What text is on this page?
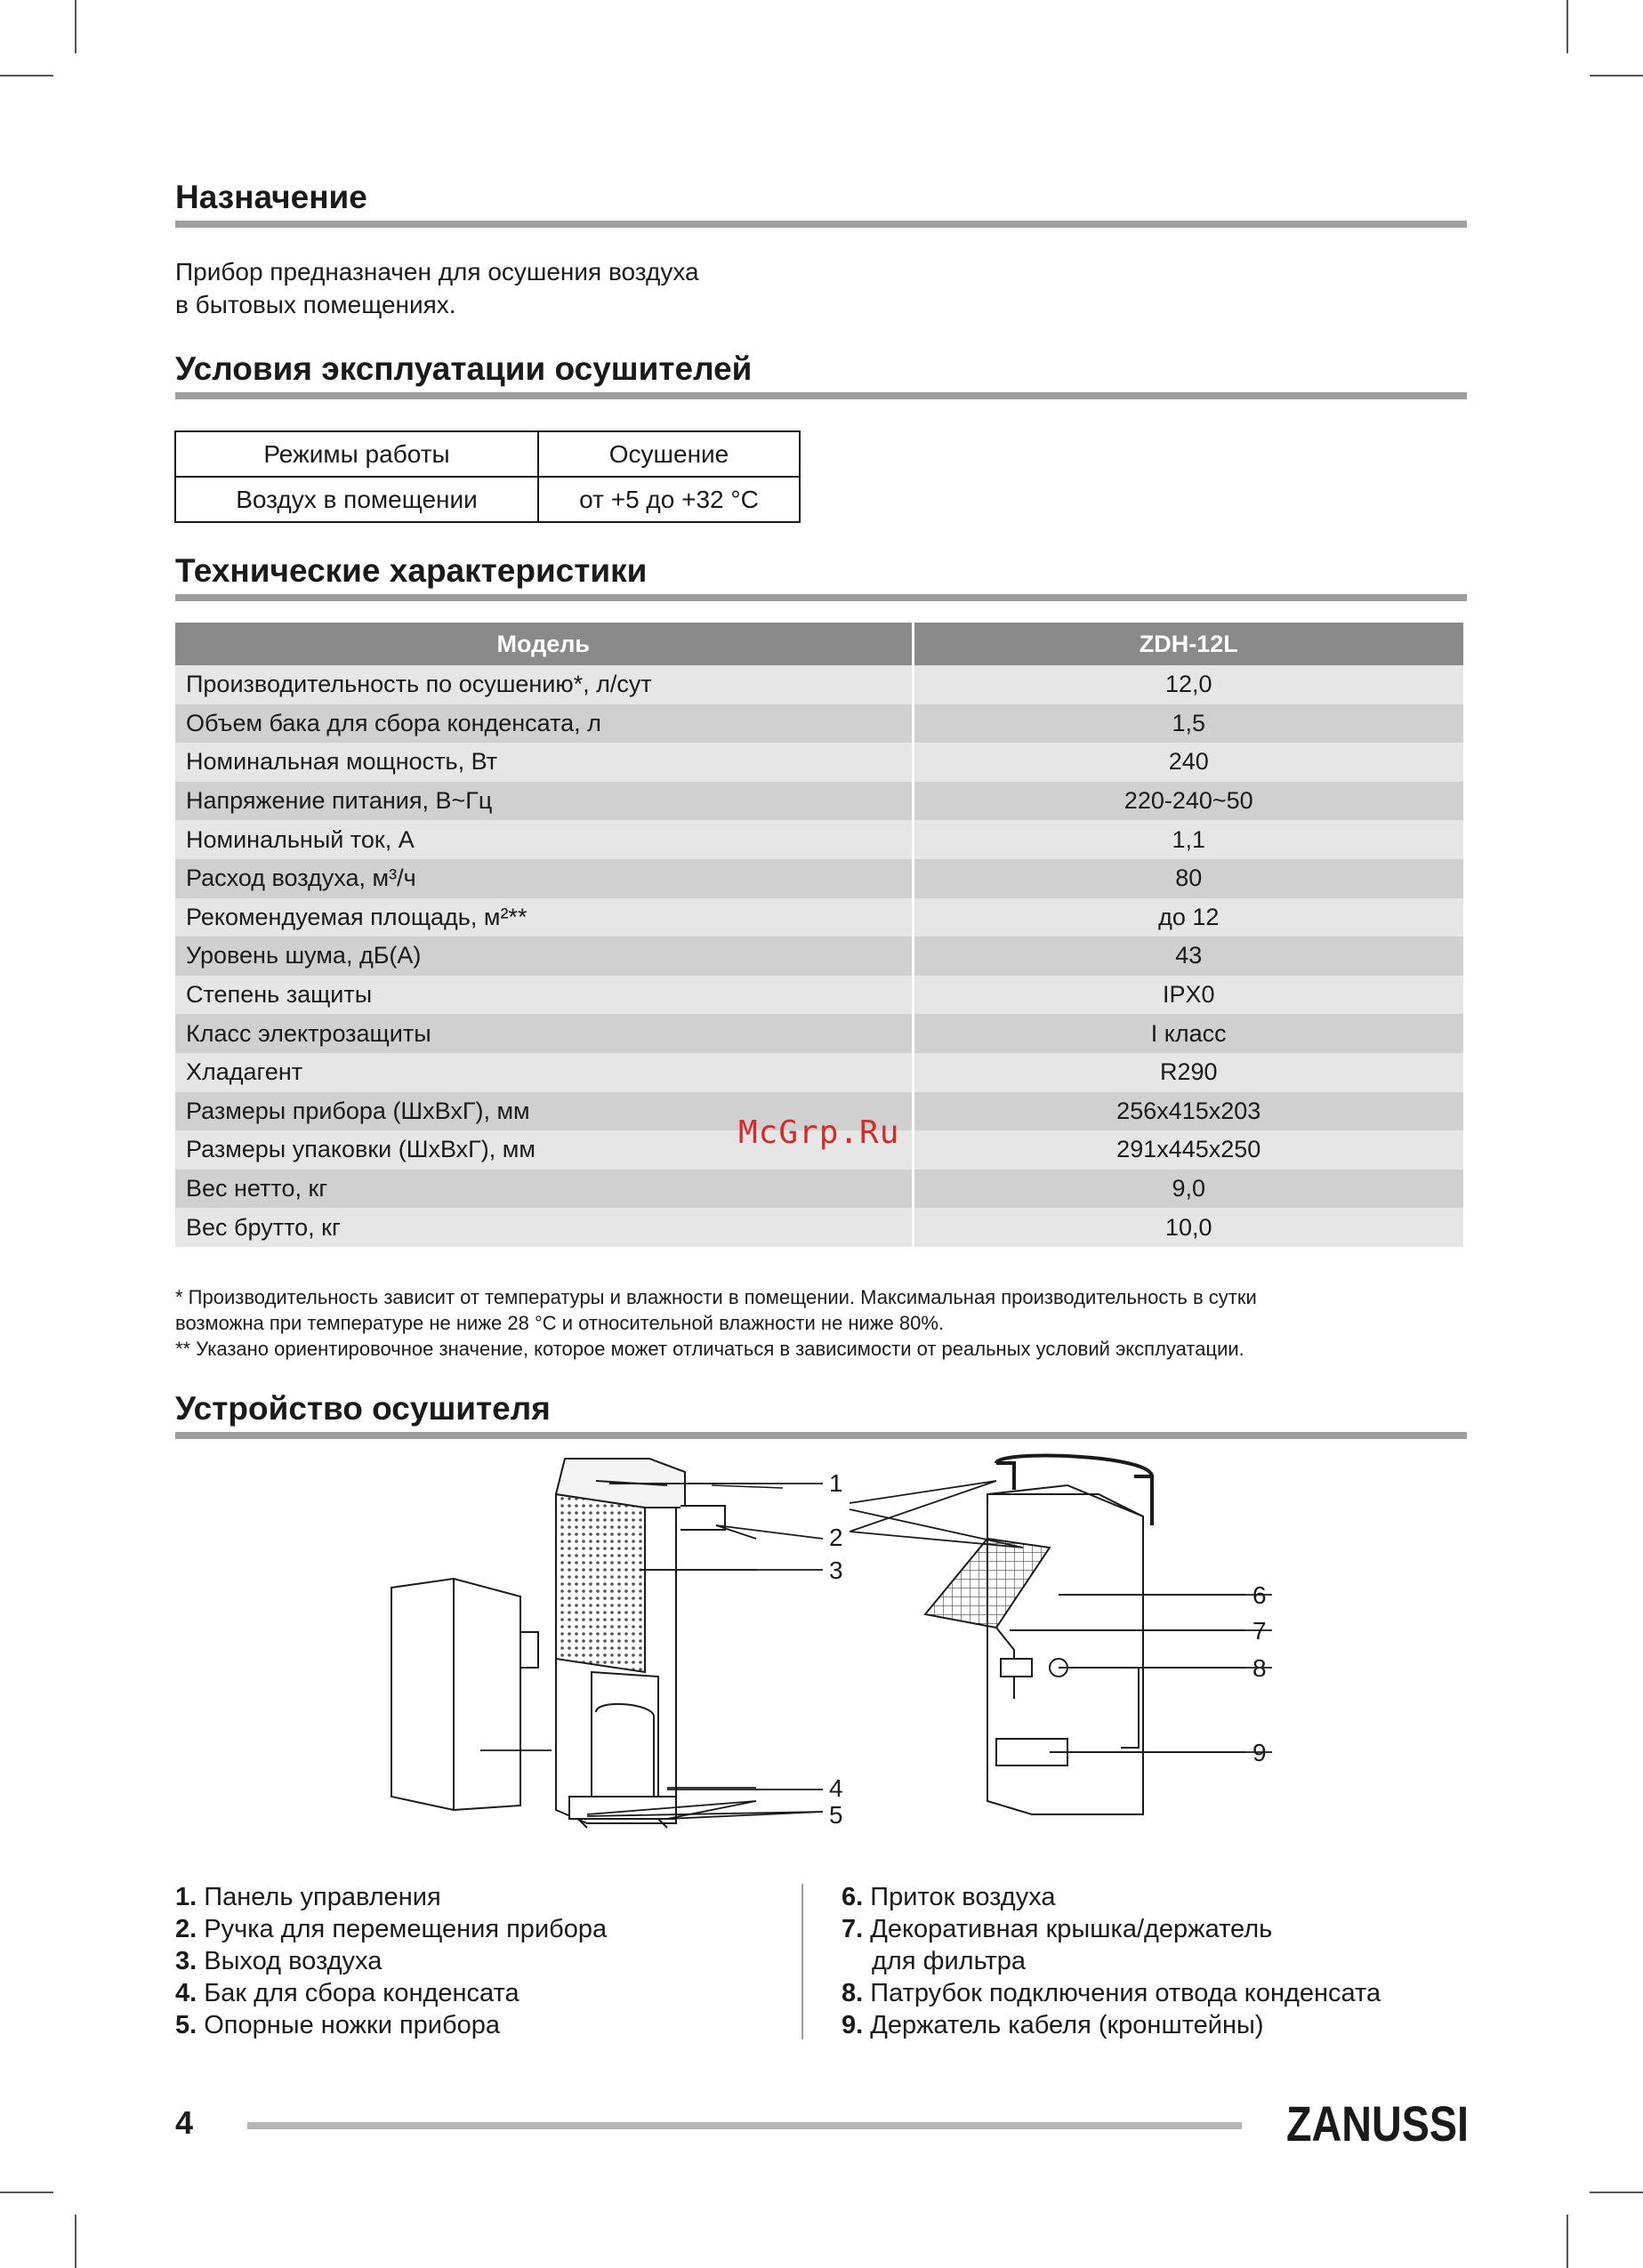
Назначение
Прибор предназначен для осушения воздуха
в бытовых помещениях.
Условия эксплуатации осушителей
Режимы работы	Осушение
Воздух в помещении	от +5 до +32 °С
Технические характеристики
Модель	ZDH-12L
Производительность по осушению*, л/сут	12,0
Объем бака для сбора конденсата, л	1,5
Номинальная мощность, Вт	240
Напряжение питания, В~Гц	220-240~50
Номинальный ток, А	1,1
Расход воздуха, м³/ч	80
Рекомендуемая площадь, м²**	до 12
Уровень шума, дБ(А)	43
Степень защиты	IPX0
Класс электрозащиты	I класс
Хладагент	R290
Размеры прибора (ШхВхГ), мм	256x415x203
Размеры упаковки (ШхВхГ), мм	291x445x250
Вес нетто, кг	9,0
Вес брутто, кг	10,0
* Производительность зависит от температуры и влажности в помещении. Максимальная производительность в сутки
возможна при температуре не ниже 28 °С и относительной влажности не ниже 80%.
** Указано ориентировочное значение, которое может отличаться в зависимости от реальных условий эксплуатации.
McGrp.Ru
Устройство осушителя
1
2
3
4
5
6
7
8
9
1. Панель управления
2. Ручка для перемещения прибора
3. Выход воздуха
4. Бак для сбора конденсата
5. Опорные ножки прибора
6. Приток воздуха
7. Декоративная крышка/держатель
для фильтра
8. Патрубок подключения отвода конденсата
9. Держатель кабеля (кронштейны)
4	ZANUSSI
